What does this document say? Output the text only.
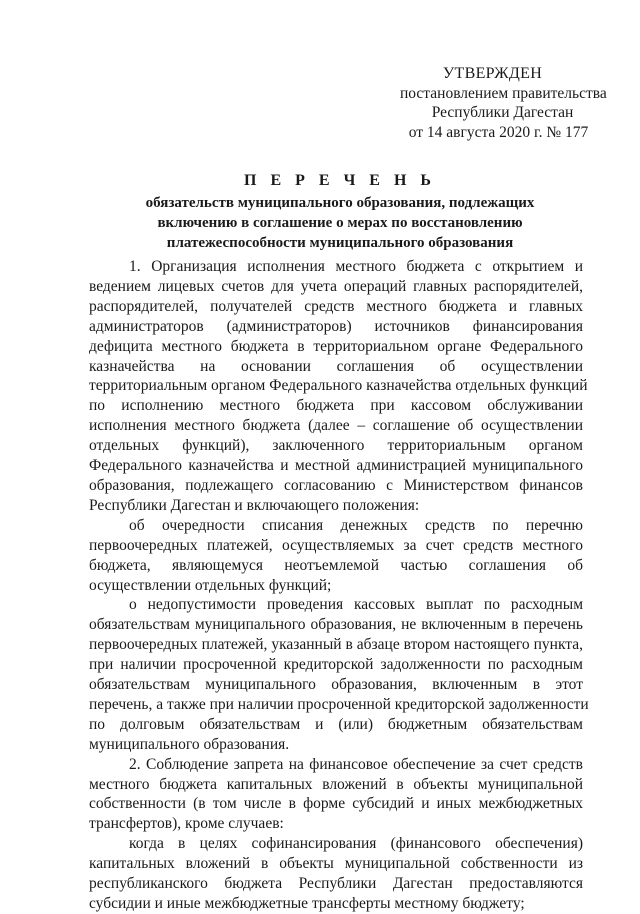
УТВЕРЖДЕН
постановлением правительства
Республики Дагестан
от 14 августа 2020 г. № 177
П Е Р Е Ч Е Н Ь
обязательств муниципального образования, подлежащих
включению в соглашение о мерах по восстановлению
платежеспособности муниципального образования
1. Организация исполнения местного бюджета с открытием и
ведением лицевых счетов для учета операций главных распорядителей,
распорядителей, получателей средств местного бюджета и главных
администраторов (администраторов) источников финансирования
дефицита местного бюджета в территориальном органе Федерального
казначейства на основании соглашения об осуществлении
территориальным органом Федерального казначейства отдельных функций
по исполнению местного бюджета при кассовом обслуживании
исполнения местного бюджета (далее – соглашение об осуществлении
отдельных функций), заключенного территориальным органом
Федерального казначейства и местной администрацией муниципального
образования, подлежащего согласованию с Министерством финансов
Республики Дагестан и включающего положения:
об очередности списания денежных средств по перечню
первоочередных платежей, осуществляемых за счет средств местного
бюджета, являющемуся неотъемлемой частью соглашения об
осуществлении отдельных функций;
о недопустимости проведения кассовых выплат по расходным
обязательствам муниципального образования, не включенным в перечень
первоочередных платежей, указанный в абзаце втором настоящего пункта,
при наличии просроченной кредиторской задолженности по расходным
обязательствам муниципального образования, включенным в этот
перечень, а также при наличии просроченной кредиторской задолженности
по долговым обязательствам и (или) бюджетным обязательствам
муниципального образования.
2. Соблюдение запрета на финансовое обеспечение за счет средств
местного бюджета капитальных вложений в объекты муниципальной
собственности (в том числе в форме субсидий и иных межбюджетных
трансфертов), кроме случаев:
когда в целях софинансирования (финансового обеспечения)
капитальных вложений в объекты муниципальной собственности из
республиканского бюджета Республики Дагестан предоставляются
субсидии и иные межбюджетные трансферты местному бюджету;
